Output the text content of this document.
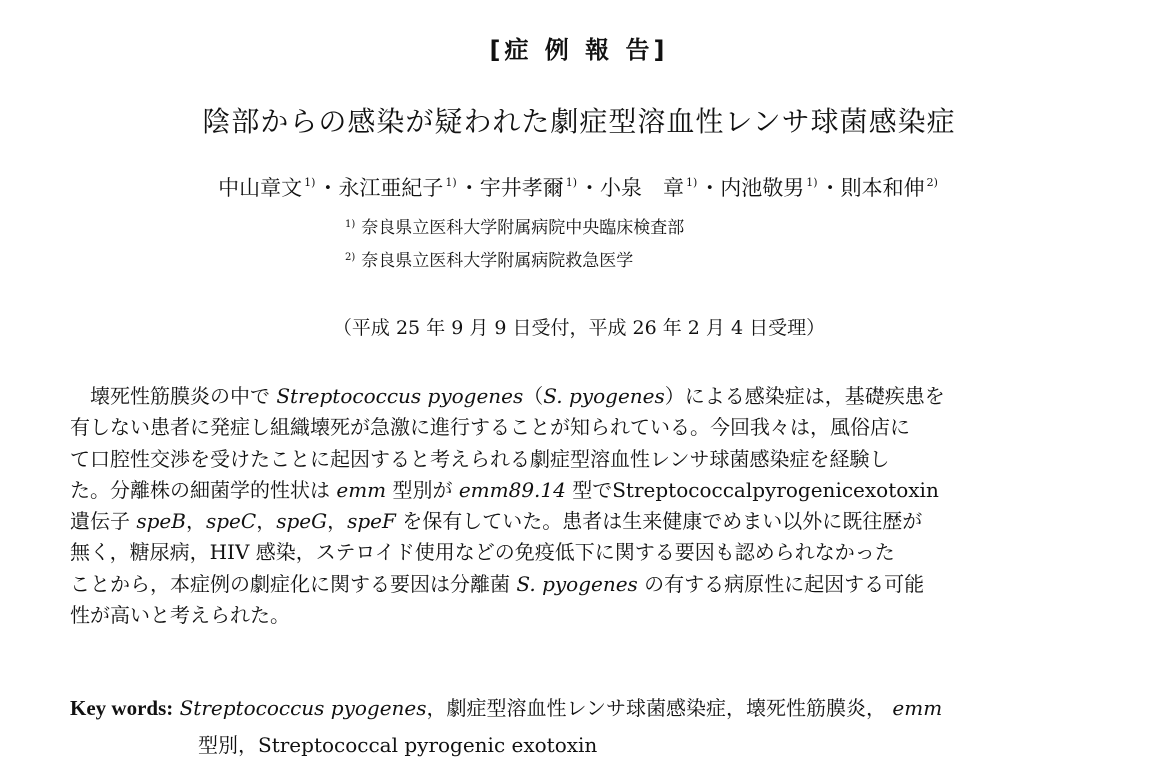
[症 例 報 告]
陰部からの感染が疑われた劇症型溶血性レンサ球菌感染症
中山章文 $^{1)}$・永江亜紀子 $^{1)}$・宇井孝爾 $^{1)}$・小泉　章 $^{1)}$・内池敬男 $^{1)}$・則本和伸 $^{2)}$
$^{1)}$ 奈良県立医科大学附属病院中央臨床検査部
$^{2)}$ 奈良県立医科大学附属病院救急医学
（平成 25 年 9 月 9 日受付，平成 26 年 2 月 4 日受理）
壊死性筋膜炎の中で Streptococcus pyogenes（S. pyogenes）による感染症は，基礎疾患を
有しない患者に発症し組織壊死が急激に進行することが知られている。今回我々は，風俗店に
て口腔性交渉を受けたことに起因すると考えられる劇症型溶血性レンサ球菌感染症を経験し
た。分離株の細菌学的性状は emm 型別が emm89.14 型でStreptococcalpyrogenicexotoxin
遺伝子 speB，speC，speG，speF を保有していた。患者は生来健康でめまい以外に既往歴が
無く，糖尿病，HIV 感染，ステロイド使用などの免疫低下に関する要因も認められなかった
ことから，本症例の劇症化に関する要因は分離菌 S. pyogenes の有する病原性に起因する可能
性が高いと考えられた。
Key words: Streptococcus pyogenes，劇症型溶血性レンサ球菌感染症，壊死性筋膜炎， emm
型別，Streptococcal pyrogenic exotoxin
